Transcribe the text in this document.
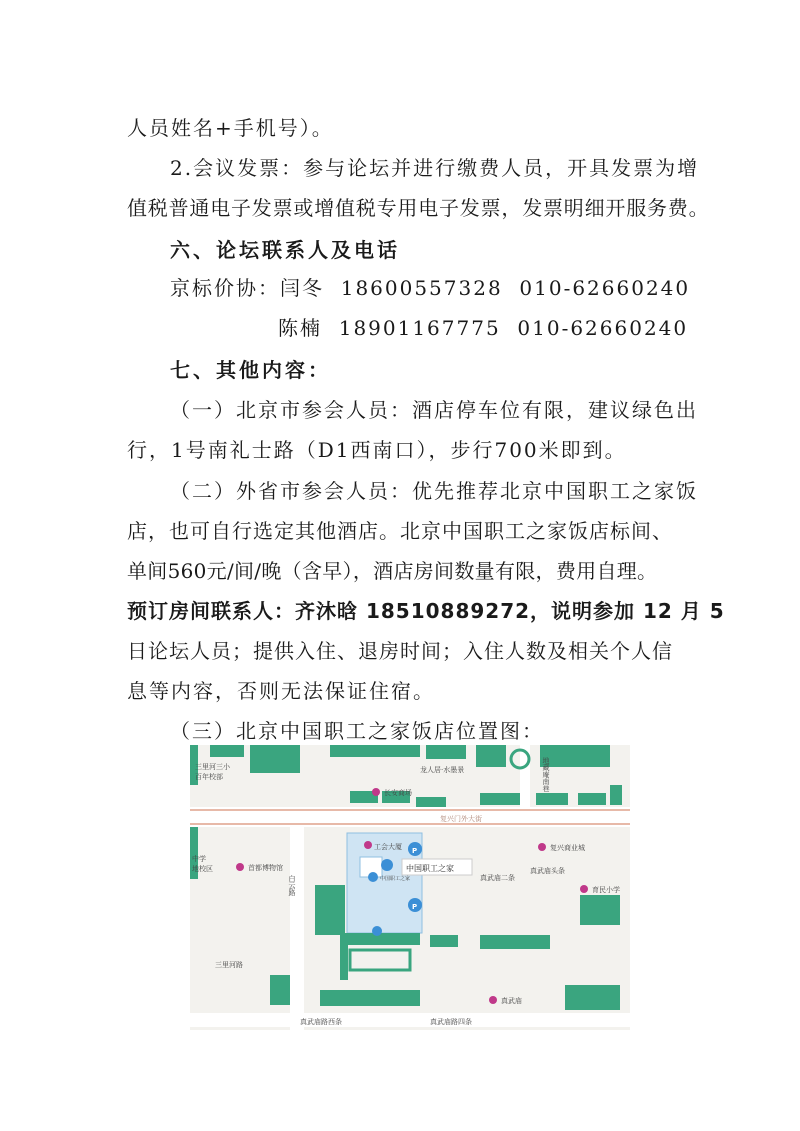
人员姓名+手机号）。
2.会议发票：参与论坛并进行缴费人员，开具发票为增
值税普通电子发票或增值税专用电子发票，发票明细开服务费。
六、论坛联系人及电话
京标价协：闫冬  18600557328  010-62660240
陈楠  18901167775  010-62660240
七、其他内容：
（一）北京市参会人员：酒店停车位有限，建议绿色出
行，1号南礼士路（D1西南口），步行700米即到。
（二）外省市参会人员：优先推荐北京中国职工之家饭
店，也可自行选定其他酒店。北京中国职工之家饭店标间、
单间560元/间/晚（含早），酒店房间数量有限，费用自理。
预订房间联系人：齐沐晗 18510889272，说明参加 12 月 5
日论坛人员；提供入住、退房时间；入住人数及相关个人信
息等内容，否则无法保证住宿。
（三）北京中国职工之家饭店位置图：
P
P
三里河三小
百年校部
龙人居·水墨景
长安商场
地藏庵南巷
复兴门外大街
工会大厦
中国职工之家
中国职工之家
复兴商业城
中学
地校区	首都博物馆
白云路
真武庙头条
育民小学
真武庙路四条
真武庙路西条
真武庙
真武庙二条
三里河路
